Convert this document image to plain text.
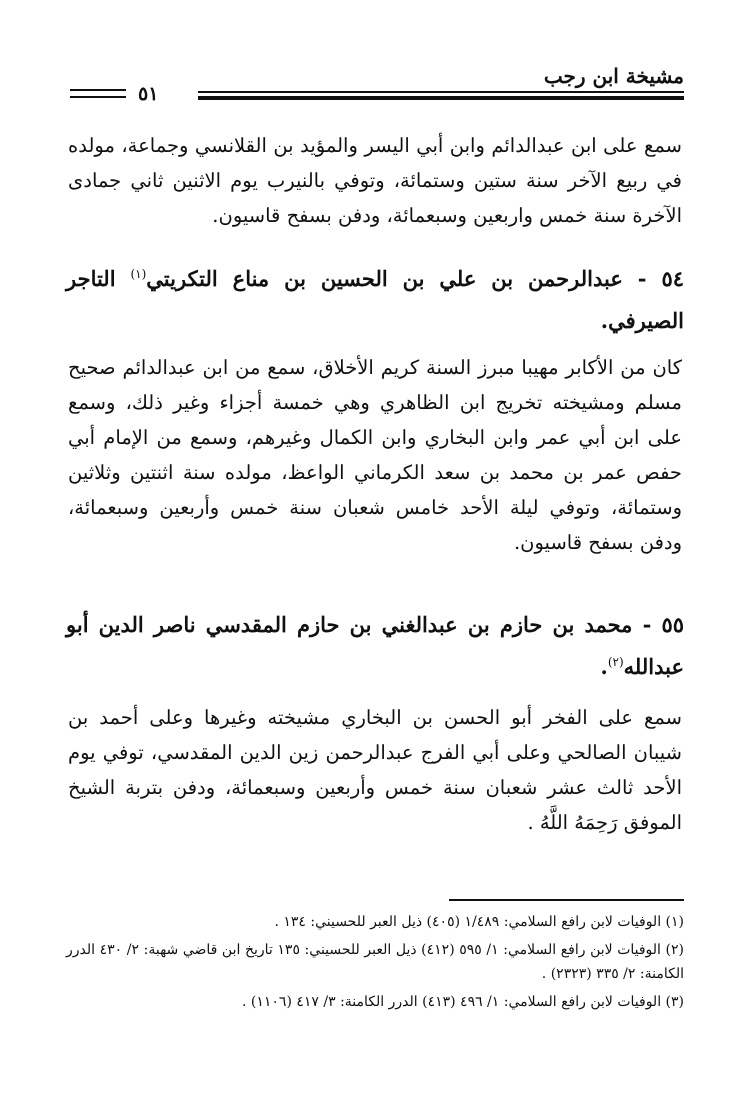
مشيخة ابن رجب
٥١
سمع على ابن عبدالدائم وابن أبي اليسر والمؤيد بن القلانسي وجماعة، مولده في ربيع الآخر سنة ستين وستمائة، وتوفي بالنيرب يوم الاثنين ثاني جمادى الآخرة سنة خمس واربعين وسبعمائة، ودفن بسفح قاسيون.
٥٤ - عبدالرحمن بن علي بن الحسين بن مناع التكريتي$^{(١)}$ التاجر الصيرفي.
كان من الأكابر مهيبا مبرز السنة كريم الأخلاق، سمع من ابن عبدالدائم صحيح مسلم ومشيخته تخريج ابن الظاهري وهي خمسة أجزاء وغير ذلك، وسمع على ابن أبي عمر وابن البخاري وابن الكمال وغيرهم، وسمع من الإمام أبي حفص عمر بن محمد بن سعد الكرماني الواعظ، مولده سنة اثنتين وثلاثين وستمائة، وتوفي ليلة الأحد خامس شعبان سنة خمس وأربعين وسبعمائة، ودفن بسفح قاسيون.
٥٥ - محمد بن حازم بن عبدالغني بن حازم المقدسي ناصر الدين أبو عبدالله$^{(٢)}$.
سمع على الفخر أبو الحسن بن البخاري مشيخته وغيرها وعلى أحمد بن شيبان الصالحي وعلى أبي الفرج عبدالرحمن زين الدين المقدسي، توفي يوم الأحد ثالث عشر شعبان سنة خمس وأربعين وسبعمائة، ودفن بتربة الشيخ الموفق رَحِمَهُ اللَّهُ .

(١) الوفيات لابن رافع السلامي: ١/٤٨٩ (٤٠٥) ذيل العبر للحسيني: ١٣٤ .

(٢) الوفيات لابن رافع السلامي: ١/ ٥٩٥ (٤١٢) ذيل العبر للحسيني: ١٣٥ تاريخ ابن قاضي شهبة: ٢/ ٤٣٠ الدرر الكامنة: ٢/ ٣٣٥ (٢٣٢٣) .

(٣) الوفيات لابن رافع السلامي: ١/ ٤٩٦ (٤١٣) الدرر الكامنة: ٣/ ٤١٧ (١١٠٦) .
